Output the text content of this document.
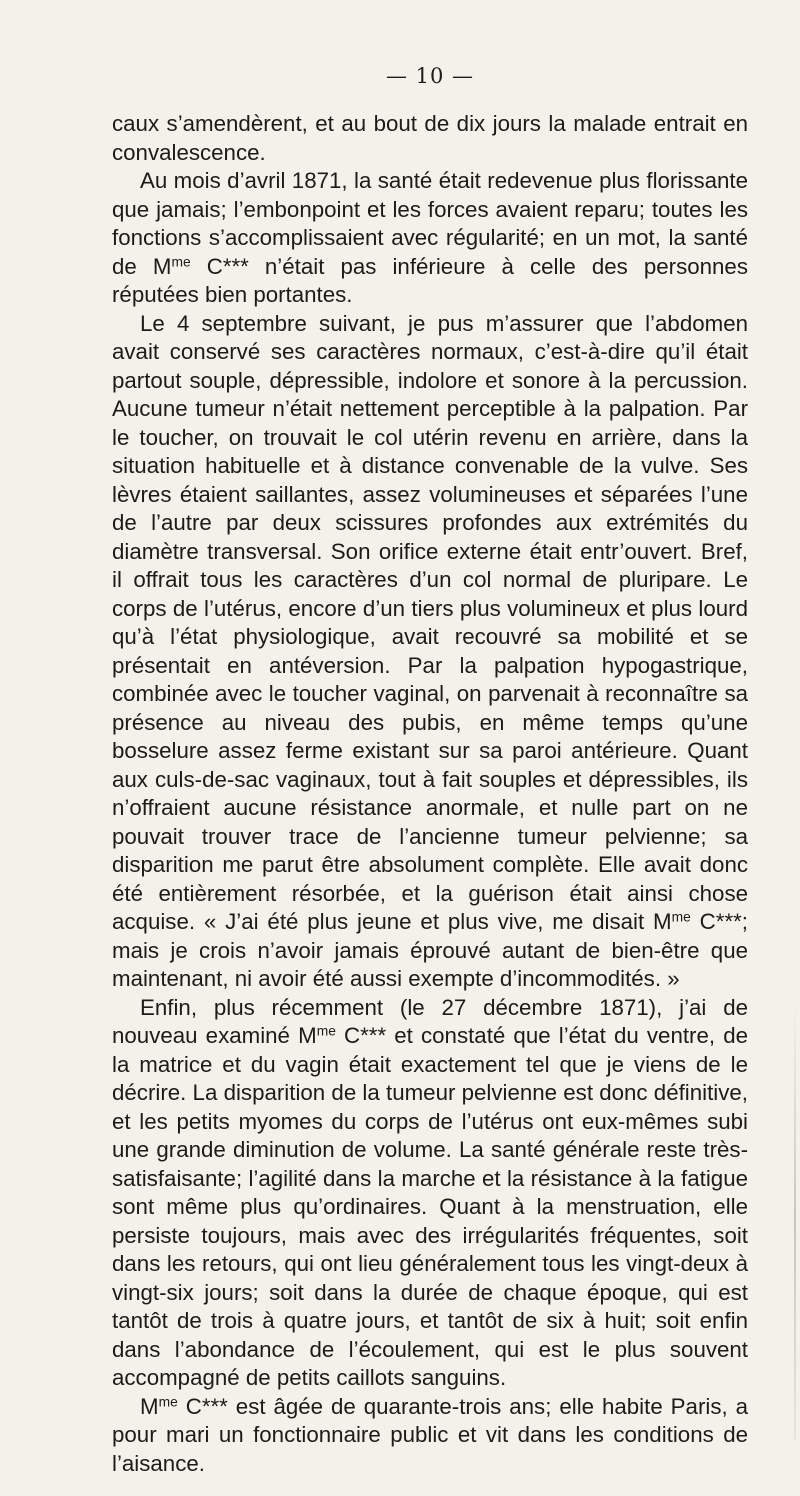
— 10 —

caux s’amendèrent, et au bout de dix jours la malade entrait en convalescence.

Au mois d’avril 1871, la santé était redevenue plus florissante que jamais; l’embonpoint et les forces avaient reparu; toutes les fonctions s’accomplissaient avec régularité; en un mot, la santé de $M^{me}$ C*** n’était pas inférieure à celle des personnes réputées bien portantes.

Le 4 septembre suivant, je pus m’assurer que l’abdomen avait conservé ses caractères normaux, c’est-à-dire qu’il était partout souple, dépressible, indolore et sonore à la percussion. Aucune tumeur n’était nettement perceptible à la palpation. Par le toucher, on trouvait le col utérin revenu en arrière, dans la situation habituelle et à distance convenable de la vulve. Ses lèvres étaient saillantes, assez volumineuses et séparées l’une de l’autre par deux scissures profondes aux extrémités du diamètre transversal. Son orifice externe était entr’ouvert. Bref, il offrait tous les caractères d’un col normal de pluripare. Le corps de l’utérus, encore d’un tiers plus volumineux et plus lourd qu’à l’état physiologique, avait recouvré sa mobilité et se présentait en antéversion. Par la palpation hypogastrique, combinée avec le toucher vaginal, on parvenait à reconnaître sa présence au niveau des pubis, en même temps qu’une bosselure assez ferme existant sur sa paroi antérieure. Quant aux culs-de-sac vaginaux, tout à fait souples et dépressibles, ils n’offraient aucune résistance anormale, et nulle part on ne pouvait trouver trace de l’ancienne tumeur pelvienne; sa disparition me parut être absolument complète. Elle avait donc été entièrement résorbée, et la guérison était ainsi chose acquise. « J’ai été plus jeune et plus vive, me disait $M^{me}$ C***; mais je crois n’avoir jamais éprouvé autant de bien-être que maintenant, ni avoir été aussi exempte d’incommodités. »

Enfin, plus récemment (le 27 décembre 1871), j’ai de nouveau examiné $M^{me}$ C*** et constaté que l’état du ventre, de la matrice et du vagin était exactement tel que je viens de le décrire. La disparition de la tumeur pelvienne est donc définitive, et les petits myomes du corps de l’utérus ont eux-mêmes subi une grande diminution de volume. La santé générale reste très-satisfaisante; l’agilité dans la marche et la résistance à la fatigue sont même plus qu’ordinaires. Quant à la menstruation, elle persiste toujours, mais avec des irrégularités fréquentes, soit dans les retours, qui ont lieu généralement tous les vingt-deux à vingt-six jours; soit dans la durée de chaque époque, qui est tantôt de trois à quatre jours, et tantôt de six à huit; soit enfin dans l’abondance de l’écoulement, qui est le plus souvent accompagné de petits caillots sanguins.

$M^{me}$ C*** est âgée de quarante-trois ans; elle habite Paris, a pour mari un fonctionnaire public et vit dans les conditions de l’aisance.
